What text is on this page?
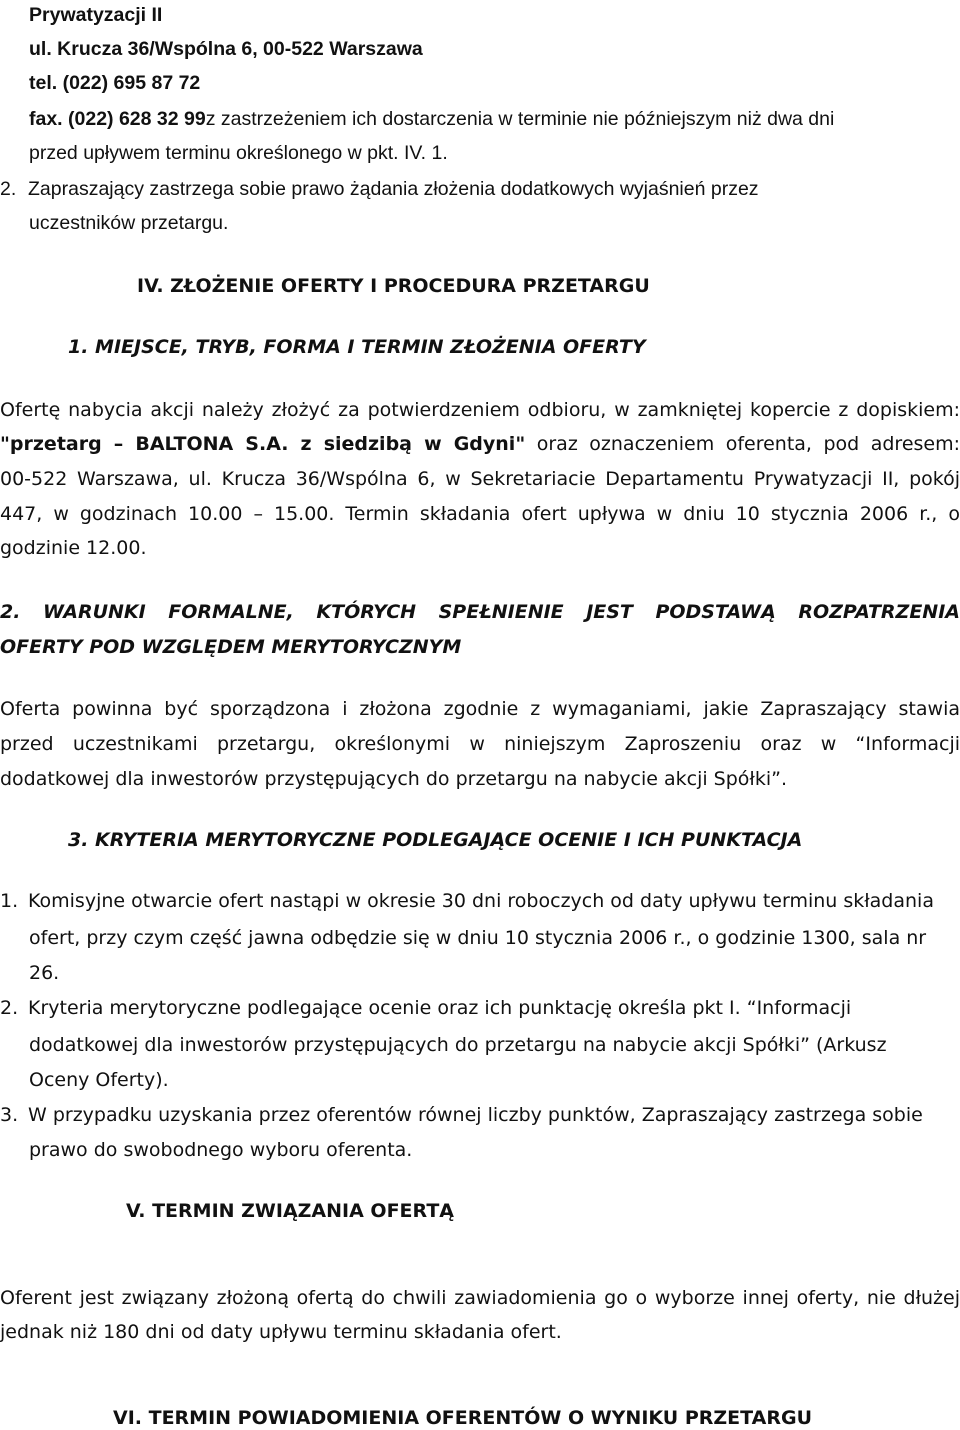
Prywatyzacji II

ul. Krucza 36/Wspólna 6, 00-522 Warszawa

tel. (022) 695 87 72

fax. (022) 628 32 99z zastrzeżeniem ich dostarczenia w terminie nie późniejszym niż dwa dni

przed upływem terminu określonego w pkt. IV. 1.

2. Zapraszający zastrzega sobie prawo żądania złożenia dodatkowych wyjaśnień przez

uczestników przetargu.

IV. ZŁOŻENIE OFERTY I PROCEDURA PRZETARGU

1. MIEJSCE, TRYB, FORMA I TERMIN ZŁOŻENIA OFERTY

Ofertę nabycia akcji należy złożyć za potwierdzeniem odbioru, w zamkniętej kopercie z dopiskiem:

"przetarg – BALTONA S.A. z siedzibą w Gdyni" oraz oznaczeniem oferenta, pod adresem:

00-522 Warszawa, ul. Krucza 36/Wspólna 6, w Sekretariacie Departamentu Prywatyzacji II, pokój

447, w godzinach 10.00 – 15.00. Termin składania ofert upływa w dniu 10 stycznia 2006 r., o

godzinie 12.00.

2. WARUNKI FORMALNE, KTÓRYCH SPEŁNIENIE JEST PODSTAWĄ ROZPATRZENIA

OFERTY POD WZGLĘDEM MERYTORYCZNYM

Oferta powinna być sporządzona i złożona zgodnie z wymaganiami, jakie Zapraszający stawia

przed uczestnikami przetargu, określonymi w niniejszym Zaproszeniu oraz w “Informacji

dodatkowej dla inwestorów przystępujących do przetargu na nabycie akcji Spółki”.

3. KRYTERIA MERYTORYCZNE PODLEGAJĄCE OCENIE I ICH PUNKTACJA

1. Komisyjne otwarcie ofert nastąpi w okresie 30 dni roboczych od daty upływu terminu składania

ofert, przy czym część jawna odbędzie się w dniu 10 stycznia 2006 r., o godzinie 1300, sala nr

26.

2. Kryteria merytoryczne podlegające ocenie oraz ich punktację określa pkt I. “Informacji

dodatkowej dla inwestorów przystępujących do przetargu na nabycie akcji Spółki” (Arkusz

Oceny Oferty).

3. W przypadku uzyskania przez oferentów równej liczby punktów, Zapraszający zastrzega sobie

prawo do swobodnego wyboru oferenta.

V. TERMIN ZWIĄZANIA OFERTĄ

Oferent jest związany złożoną ofertą do chwili zawiadomienia go o wyborze innej oferty, nie dłużej

jednak niż 180 dni od daty upływu terminu składania ofert.

VI. TERMIN POWIADOMIENIA OFERENTÓW O WYNIKU PRZETARGU
